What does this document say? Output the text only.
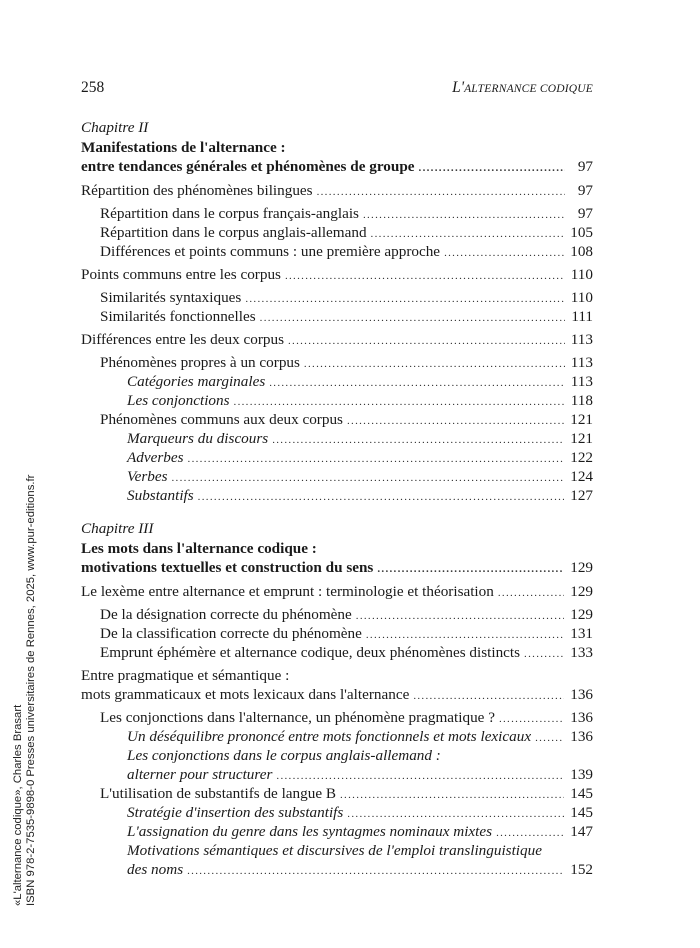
«L'alternance codique», Charles Brasart ISBN 978-2-7535-9898-0 Presses universitaires de Rennes, 2025, www.pur-editions.fr
258	L'ALTERNANCE CODIQUE
Chapitre II
Manifestations de l'alternance :
entre tendances générales et phénomènes de groupe .....	97
Répartition des phénomènes bilingues .....	97
Répartition dans le corpus français-anglais .....	97
Répartition dans le corpus anglais-allemand .....	105
Différences et points communs : une première approche .....	108
Points communs entre les corpus .....	110
Similarités syntaxiques .....	110
Similarités fonctionnelles .....	111
Différences entre les deux corpus .....	113
Phénomènes propres à un corpus .....	113
Catégories marginales .....	113
Les conjonctions .....	118
Phénomènes communs aux deux corpus .....	121
Marqueurs du discours .....	121
Adverbes .....	122
Verbes .....	124
Substantifs .....	127
Chapitre III
Les mots dans l'alternance codique :
motivations textuelles et construction du sens .....	129
Le lexème entre alternance et emprunt : terminologie et théorisation .....	129
De la désignation correcte du phénomène .....	129
De la classification correcte du phénomène .....	131
Emprunt éphémère et alternance codique, deux phénomènes distincts .....	133
Entre pragmatique et sémantique :
mots grammaticaux et mots lexicaux dans l'alternance .....	136
Les conjonctions dans l'alternance, un phénomène pragmatique ? .....	136
Un déséquilibre prononcé entre mots fonctionnels et mots lexicaux .....	136
Les conjonctions dans le corpus anglais-allemand :
alterner pour structurer .....	139
L'utilisation de substantifs de langue B .....	145
Stratégie d'insertion des substantifs .....	145
L'assignation du genre dans les syntagmes nominaux mixtes .....	147
Motivations sémantiques et discursives de l'emploi translinguistique
des noms .....	152
